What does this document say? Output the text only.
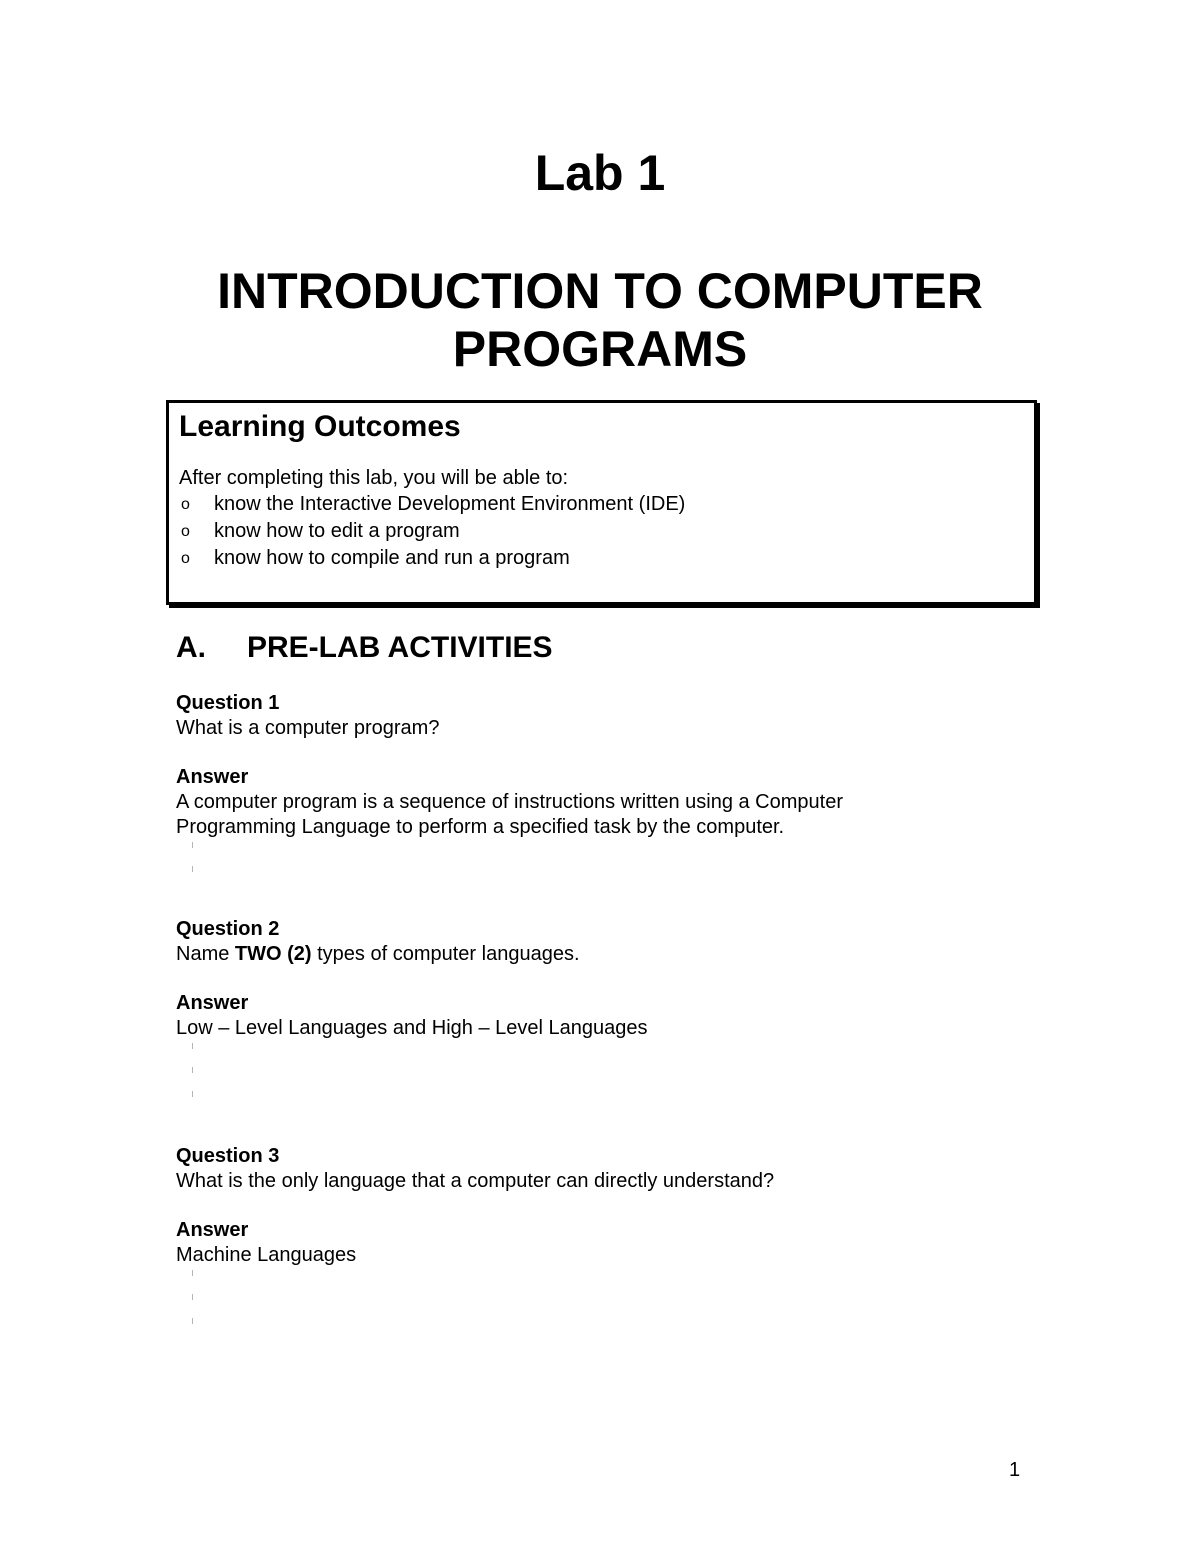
Lab 1
INTRODUCTION TO COMPUTER
PROGRAMS
Learning Outcomes
After completing this lab, you will be able to:
o know the Interactive Development Environment (IDE)
o know how to edit a program
o know how to compile and run a program
A. PRE-LAB ACTIVITIES
Question 1
What is a computer program?
Answer
A computer program is a sequence of instructions written using a Computer
Programming Language to perform a specified task by the computer.
Question 2
Name TWO (2) types of computer languages.
Answer
Low – Level Languages and High – Level Languages
Question 3
What is the only language that a computer can directly understand?
Answer
Machine Languages
1
